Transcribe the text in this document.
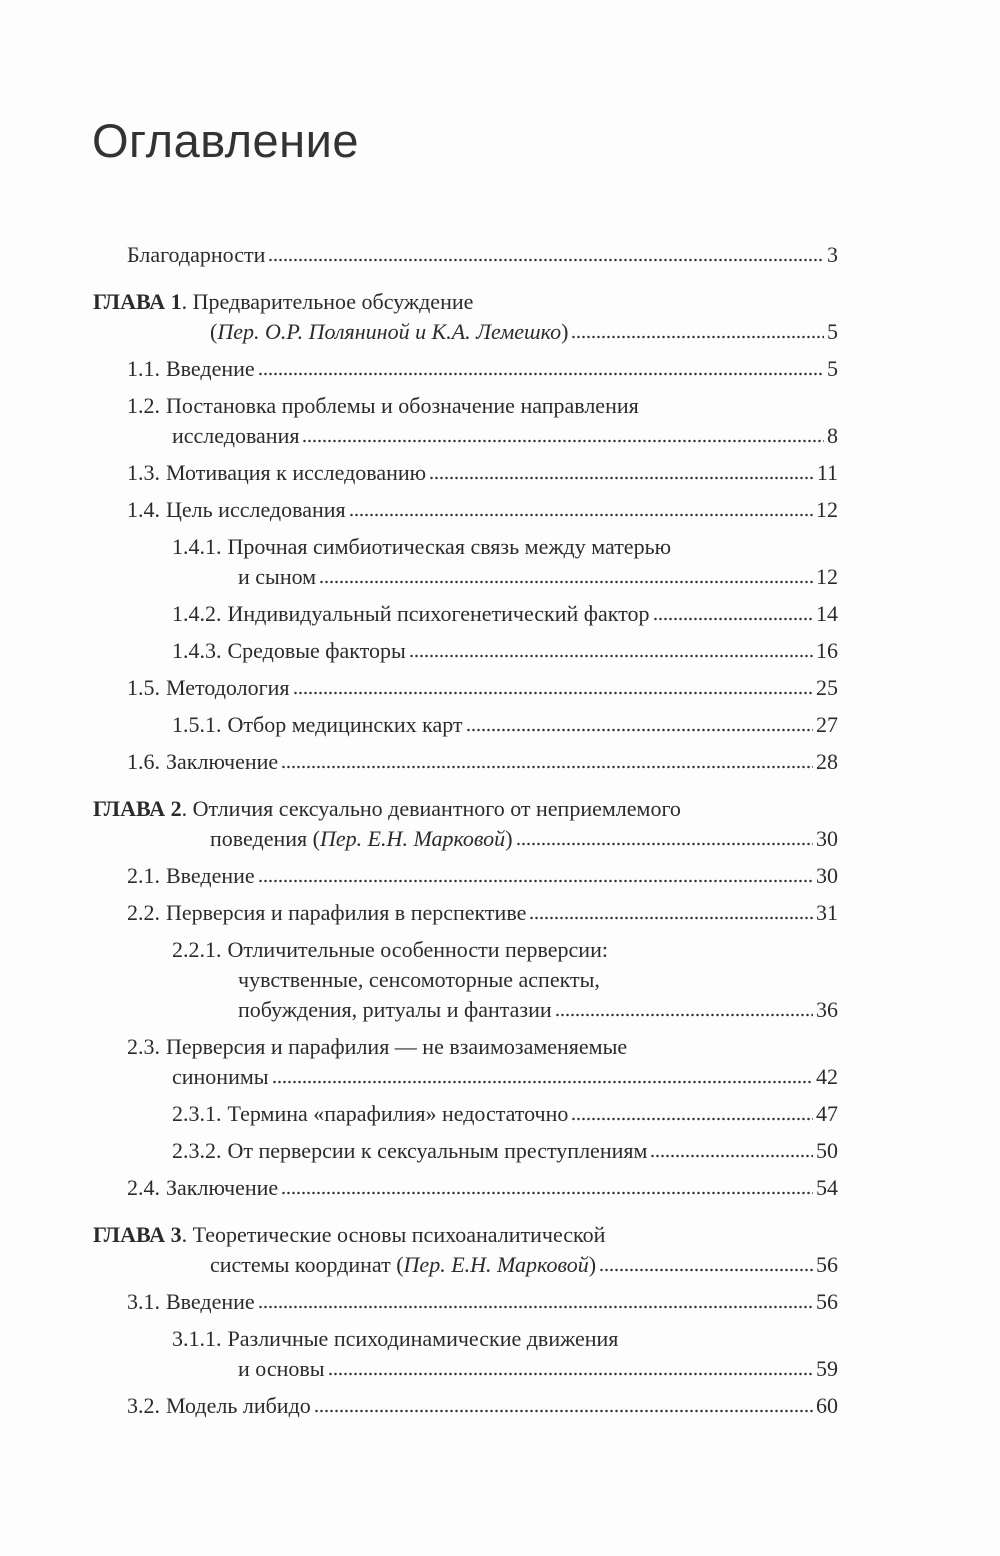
Оглавление
Благодарности	3
ГЛАВА 1 . Предварительное обсуждение
(Пер. О.Р. Поляниной и К.А. Лемешко)	5
1.1. Введение	5
1.2. Постановка проблемы и обозначение направления
исследования	8
1.3. Мотивация к исследованию	11
1.4. Цель исследования	12
1.4.1. Прочная симбиотическая связь между матерью
и сыном	12
1.4.2. Индивидуальный психогенетический фактор	14
1.4.3. Средовые факторы	16
1.5. Методология	25
1.5.1. Отбор медицинских карт	27
1.6. Заключение	28
ГЛАВА 2 . Отличия сексуально девиантного от неприемлемого
поведения (Пер. Е.Н. Марковой)	30
2.1. Введение	30
2.2. Перверсия и парафилия в перспективе	31
2.2.1. Отличительные особенности перверсии:
чувственные, сенсомоторные аспекты,
побуждения, ритуалы и фантазии	36
2.3. Перверсия и парафилия — не взаимозаменяемые
синонимы	42
2.3.1. Термина «парафилия» недостаточно	47
2.3.2. От перверсии к сексуальным преступлениям	50
2.4. Заключение	54
ГЛАВА 3 . Теоретические основы психоаналитической
системы координат (Пер. Е.Н. Марковой)	56
3.1. Введение	56
3.1.1. Различные психодинамические движения
и основы	59
3.2. Модель либидо	60
